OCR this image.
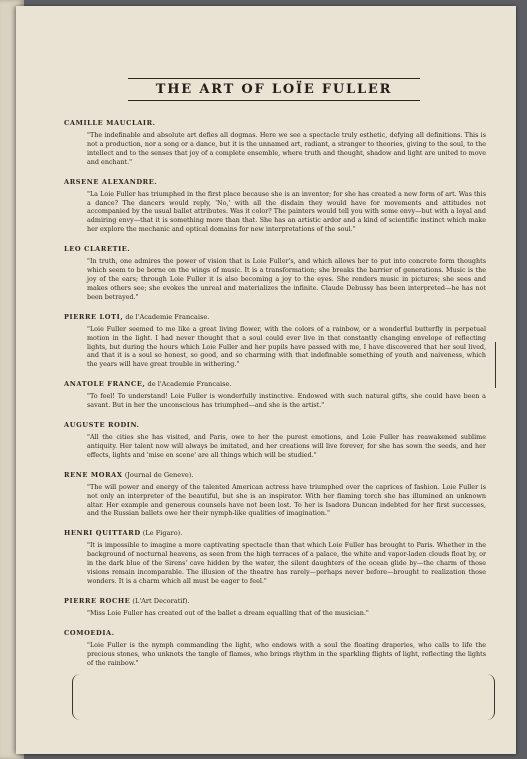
THE ART OF LOÏE FULLER

CAMILLE MAUCLAIR.

"The indefinable and absolute art defies all dogmas. Here we see a spectacle truly esthetic, defying all definitions. This is not a production, nor a song or a dance, but it is the unnamed art, radiant, a stranger to theories, giving to the soul, to the intellect and to the senses that joy of a complete ensemble, where truth and thought, shadow and light are united to move and enchant."

ARSENE ALEXANDRE.

"La Loie Fuller has triumphed in the first place because she is an inventor; for she has created a new form of art. Was this a dance? The dancers would reply, 'No,' with all the disdain they would have for movements and attitudes not accompanied by the usual ballet attributes. Was it color? The painters would tell you with some envy—but with a loyal and admiring envy—that it is something more than that. She has an artistic ardor and a kind of scientific instinct which make her explore the mechanic and optical domains for new interpretations of the soul."

LEO CLARETIE.

"In truth, one admires the power of vision that is Loie Fuller's, and which allows her to put into concrete form thoughts which seem to be borne on the wings of music. It is a transformation; she breaks the barrier of generations. Music is the joy of the ears; through Loie Fuller it is also becoming a joy to the eyes. She renders music in pictures; she sees and makes others see; she evokes the unreal and materializes the infinite. Claude Debussy has been interpreted—he has not been betrayed."

PIERRE LOTI, de l'Academie Francaise.

"Loie Fuller seemed to me like a great living flower, with the colors of a rainbow, or a wonderful butterfly in perpetual motion in the light. I had never thought that a soul could ever live in that constantly changing envelope of reflecting lights, but during the hours which Loie Fuller and her pupils have passed with me, I have discovered that her soul lived, and that it is a soul so honest, so good, and so charming with that indefinable something of youth and naiveness, which the years will have great trouble in withering."

ANATOLE FRANCE, de l'Academie Francaise.

"To feel! To understand! Loie Fuller is wonderfully instinctive. Endowed with such natural gifts, she could have been a savant. But in her the unconscious has triumphed—and she is the artist."

AUGUSTE RODIN.

"All the cities she has visited, and Paris, owe to her the purest emotions, and Loie Fuller has reawakened sublime antiquity. Her talent now will always be imitated, and her creations will live forever, for she has sown the seeds, and her effects, lights and 'mise en scene' are all things which will be studied."

RENE MORAX (Journal de Geneve).

"The will power and energy of the talented American actress have triumphed over the caprices of fashion. Loie Fuller is not only an interpreter of the beautiful, but she is an inspirator. With her flaming torch she has illumined an unknown altar. Her example and generous counsels have not been lost. To her is Isadora Duncan indebted for her first successes, and the Russian ballets owe her their nymph-like qualities of imagination."

HENRI QUITTARD (Le Figaro).

"It is impossible to imagine a more captivating spectacle than that which Loie Fuller has brought to Paris. Whether in the background of nocturnal heavens, as seen from the high terraces of a palace, the white and vapor-laden clouds float by, or in the dark blue of the Sirens' cave hidden by the water, the silent daughters of the ocean glide by—the charm of those visions remain incomparable. The illusion of the theatre has rarely—perhaps never before—brought to realization those wonders. It is a charm which all must be eager to feel."

PIERRE ROCHE (L'Art Decoratif).

"Miss Loie Fuller has created out of the ballet a dream equalling that of the musician."

COMOEDIA.

"Loie Fuller is the nymph commanding the light, who endows with a soul the floating draperies, who calls to life the precious stones, who unknots the tangle of flames, who brings rhythm in the sparkling flights of light, reflecting the lights of the rainbow."
